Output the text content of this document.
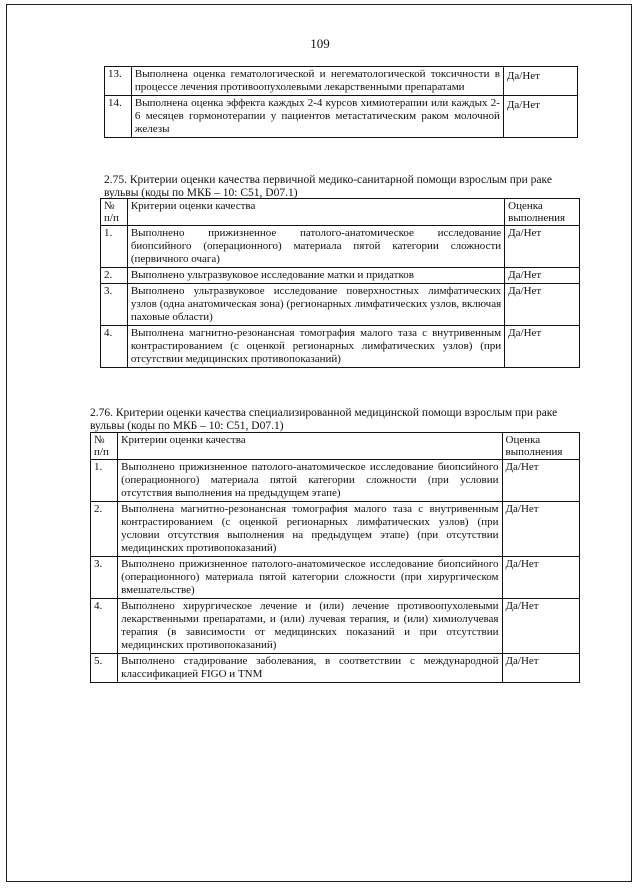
109
13.	Выполнена оценка гематологической и негематологической токсичности в процессе лечения противоопухолевыми лекарственными препаратами	Да/Нет
14.	Выполнена оценка эффекта каждых 2-4 курсов химиотерапии или каждых 2-6 месяцев гормонотерапии у пациентов метастатическим раком молочной железы	Да/Нет
2.75. Критерии оценки качества первичной медико-санитарной помощи взрослым при раке вульвы (коды по МКБ – 10: С51, D07.1)
№ п/п	Критерии оценки качества	Оценка выполнения
1.	Выполнено прижизненное патолого-анатомическое исследование биопсийного (операционного) материала пятой категории сложности (первичного очага)	Да/Нет
2.	Выполнено ультразвуковое исследование матки и придатков	Да/Нет
3.	Выполнено ультразвуковое исследование поверхностных лимфатических узлов (одна анатомическая зона) (регионарных лимфатических узлов, включая паховые области)	Да/Нет
4.	Выполнена магнитно-резонансная томография малого таза с внутривенным контрастированием (с оценкой регионарных лимфатических узлов) (при отсутствии медицинских противопоказаний)	Да/Нет
2.76. Критерии оценки качества специализированной медицинской помощи взрослым при раке вульвы (коды по МКБ – 10: С51, D07.1)
№ п/п	Критерии оценки качества	Оценка выполнения
1.	Выполнено прижизненное патолого-анатомическое исследование биопсийного (операционного) материала пятой категории сложности (при условии отсутствия выполнения на предыдущем этапе)	Да/Нет
2.	Выполнена магнитно-резонансная томография малого таза с внутривенным контрастированием (с оценкой регионарных лимфатических узлов) (при условии отсутствия выполнения на предыдущем этапе) (при отсутствии медицинских противопоказаний)	Да/Нет
3.	Выполнено прижизненное патолого-анатомическое исследование биопсийного (операционного) материала пятой категории сложности (при хирургическом вмешательстве)	Да/Нет
4.	Выполнено хирургическое лечение и (или) лечение противоопухолевыми лекарственными препаратами, и (или) лучевая терапия, и (или) химиолучевая терапия (в зависимости от медицинских показаний и при отсутствии медицинских противопоказаний)	Да/Нет
5.	Выполнено стадирование заболевания, в соответствии с международной классификацией FIGO и TNM	Да/Нет
